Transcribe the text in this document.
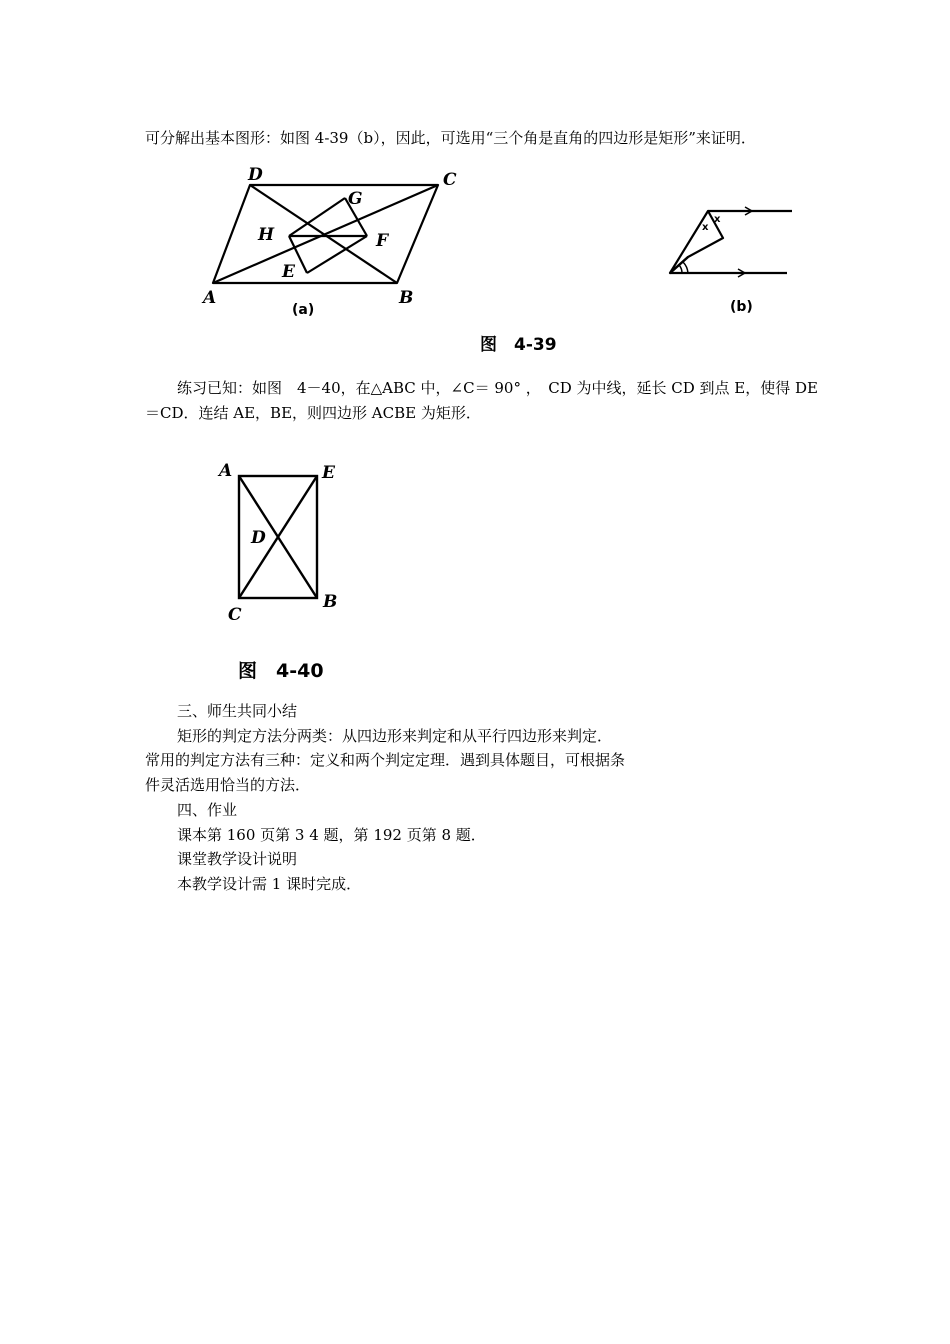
可分解出基本图形：如图 4-39（b），因此，可选用“三个角是直角的四边形是矩形”来证明．
D	C
G
H	F
E
A	B
(a)
x
x
(b)
图　4-39
练习已知：如图　4－40，在△ABC 中，∠C＝ 90° ，　CD 为中线，延长 CD 到点 E，使得 DE
＝CD．连结 AE，BE，则四边形 ACBE 为矩形．
A	E
D
C
B
图　4-40
三、师生共同小结
矩形的判定方法分两类：从四边形来判定和从平行四边形来判定．
常用的判定方法有三种：定义和两个判定定理．遇到具体题目，可根据条
件灵活选用恰当的方法．
四、作业
课本第 160 页第 3 4 题，第 192 页第 8 题．
课堂教学设计说明
本教学设计需 1 课时完成．
